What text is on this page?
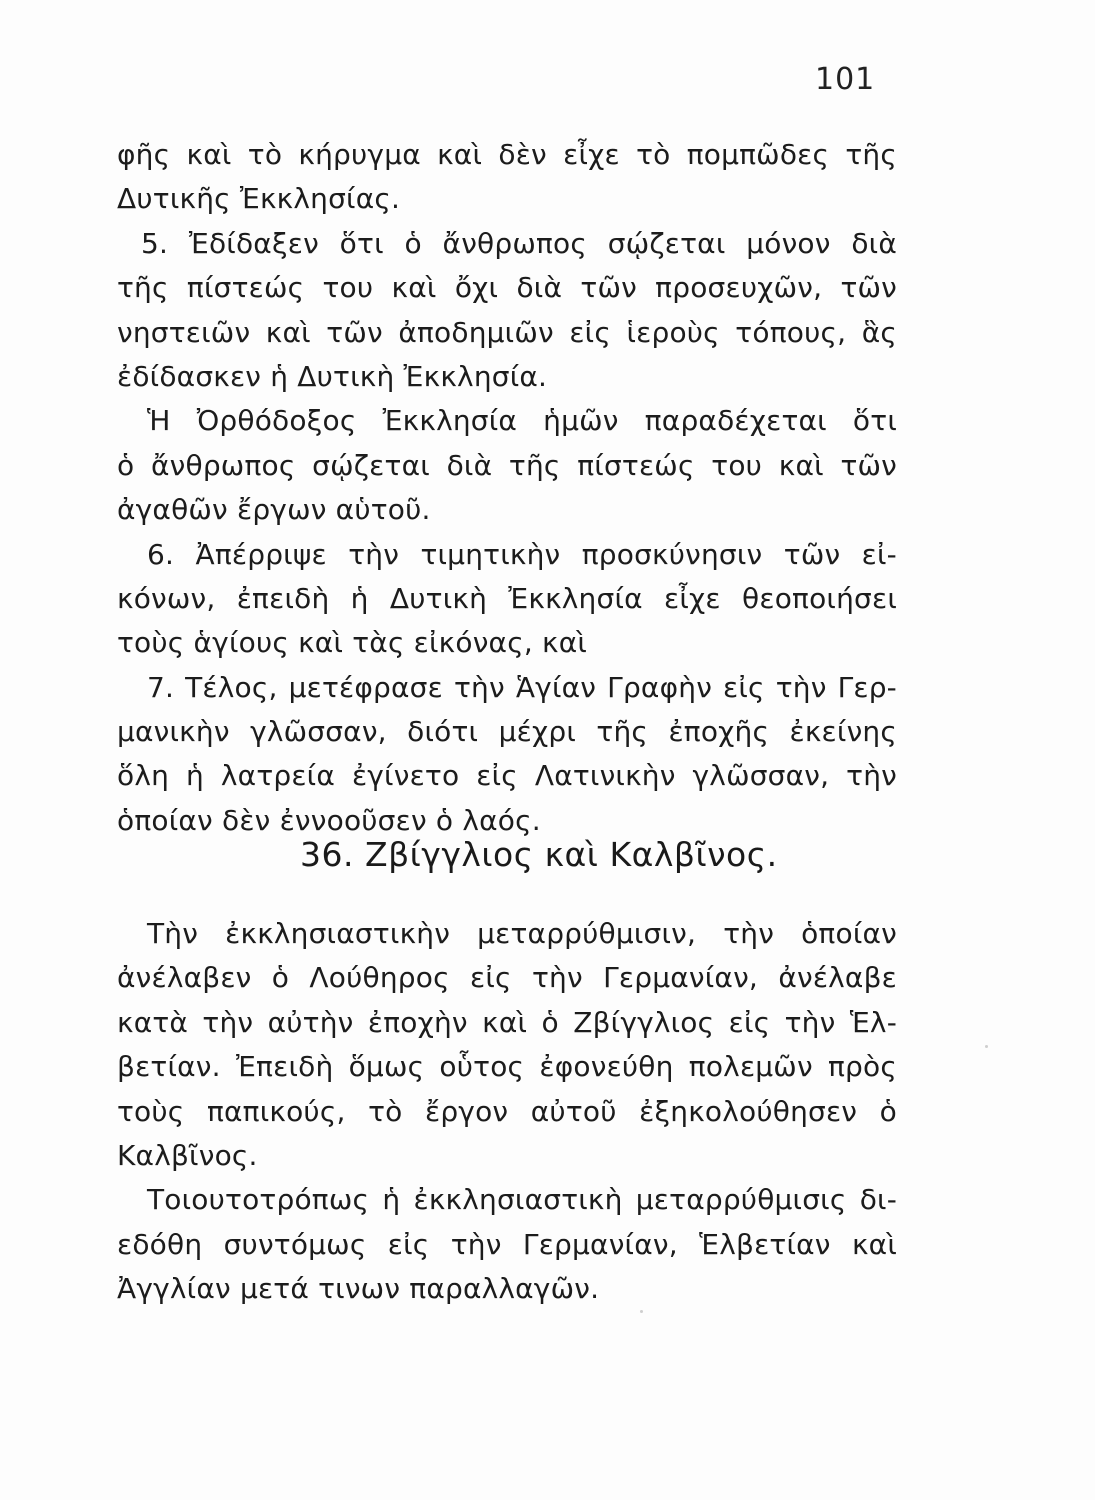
101
φῆς καὶ τὸ κήρυγμα καὶ δὲν εἶχε τὸ πομπῶδες τῆς
Δυτικῆς Ἐκκλησίας.
5. Ἐδίδαξεν ὅτι ὁ ἄνθρωπος σῴζεται μόνον διὰ
τῆς πίστεώς του καὶ ὄχι διὰ τῶν προσευχῶν, τῶν
νηστειῶν καὶ τῶν ἀποδημιῶν εἰς ἱεροὺς τόπους, ἃς
ἐδίδασκεν ἡ Δυτικὴ Ἐκκλησία.
Ἡ Ὀρθόδοξος Ἐκκλησία ἡμῶν παραδέχεται ὅτι
ὁ ἄνθρωπος σῴζεται διὰ τῆς πίστεώς του καὶ τῶν
ἀγαθῶν ἔργων αὑτοῦ.
6. Ἀπέρριψε τὴν τιμητικὴν προσκύνησιν τῶν εἰ-
κόνων, ἐπειδὴ ἡ Δυτικὴ Ἐκκλησία εἶχε θεοποιήσει
τοὺς ἁγίους καὶ τὰς εἰκόνας, καὶ
7. Τέλος, μετέφρασε τὴν Ἁγίαν Γραφὴν εἰς τὴν Γερ-
μανικὴν γλῶσσαν, διότι μέχρι τῆς ἐποχῆς ἐκείνης
ὅλη ἡ λατρεία ἐγίνετο εἰς Λατινικὴν γλῶσσαν, τὴν
ὁποίαν δὲν ἐννοοῦσεν ὁ λαός.
36. Ζβίγγλιος καὶ Καλβῖνος.
Τὴν ἐκκλησιαστικὴν μεταρρύθμισιν, τὴν ὁποίαν
ἀνέλαβεν ὁ Λούθηρος εἰς τὴν Γερμανίαν, ἀνέλαβε
κατὰ τὴν αὐτὴν ἐποχὴν καὶ ὁ Ζβίγγλιος εἰς τὴν Ἑλ-
βετίαν. Ἐπειδὴ ὅμως οὗτος ἐφονεύθη πολεμῶν πρὸς
τοὺς παπικούς, τὸ ἔργον αὐτοῦ ἐξηκολούθησεν ὁ
Καλβῖνος.
Τοιουτοτρόπως ἡ ἐκκλησιαστικὴ μεταρρύθμισις δι-
εδόθη συντόμως εἰς τὴν Γερμανίαν, Ἑλβετίαν καὶ
Ἀγγλίαν μετά τινων παραλλαγῶν.
